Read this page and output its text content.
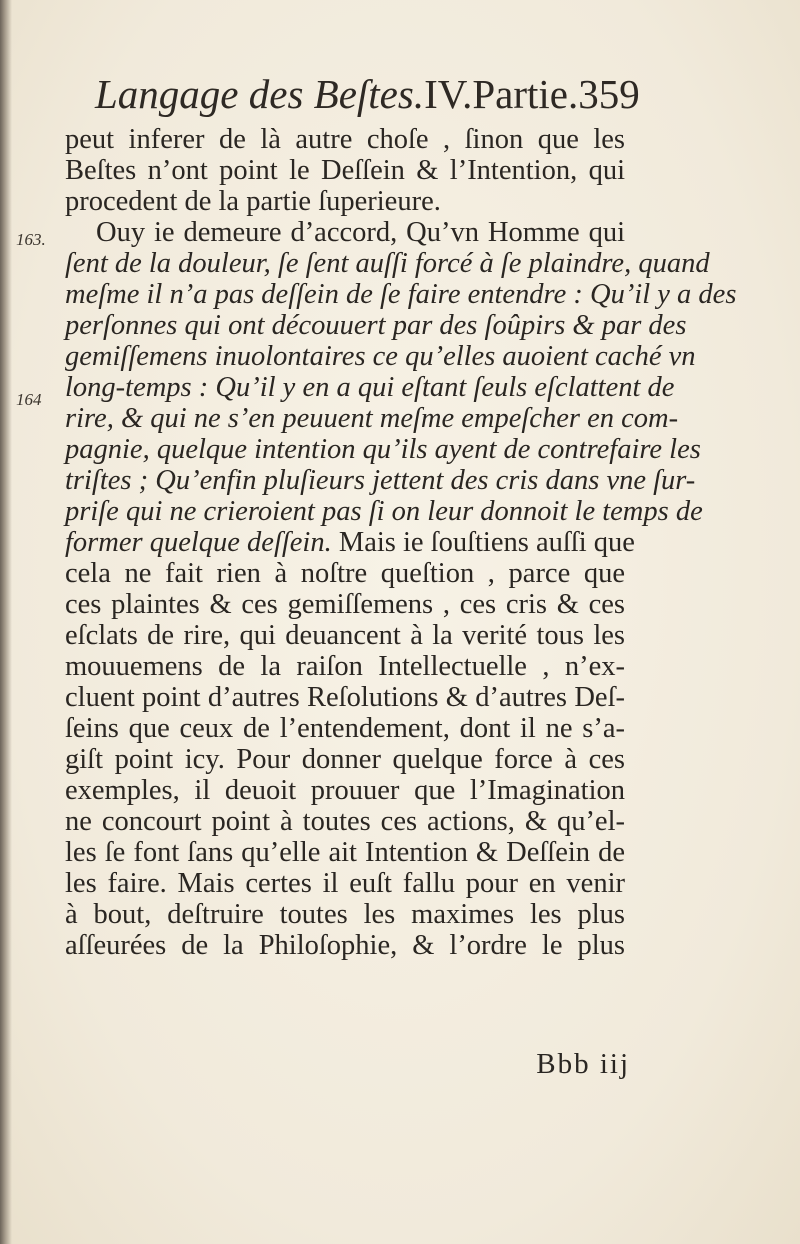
Langage des Beſtes.IV.Partie.359
163.
164
peut inferer de là autre choſe , ſinon que les
Beſtes n’ont point le Deſſein & l’Intention, qui
procedent de la partie ſuperieure.
Ouy ie demeure d’accord, Qu’vn Homme qui
ſent de la douleur, ſe ſent auſſi forcé à ſe plaindre, quand
meſme il n’a pas deſſein de ſe faire entendre : Qu’il y a des
perſonnes qui ont découuert par des ſoûpirs & par des
gemiſſemens inuolontaires ce qu’elles auoient caché vn
long-temps : Qu’il y en a qui eſtant ſeuls eſclattent de
rire, & qui ne s’en peuuent meſme empeſcher en com-
pagnie, quelque intention qu’ils ayent de contrefaire les
triſtes ; Qu’enfin pluſieurs jettent des cris dans vne ſur-
priſe qui ne crieroient pas ſi on leur donnoit le temps de
former quelque deſſein. Mais ie ſouſtiens auſſi que
cela ne fait rien à noſtre queſtion , parce que
ces plaintes & ces gemiſſemens , ces cris & ces
eſclats de rire, qui deuancent à la verité tous les
mouuemens de la raiſon Intellectuelle , n’ex-
cluent point d’autres Reſolutions & d’autres Deſ-
ſeins que ceux de l’entendement, dont il ne s’a-
giſt point icy. Pour donner quelque force à ces
exemples, il deuoit prouuer que l’Imagination
ne concourt point à toutes ces actions, & qu’el-
les ſe font ſans qu’elle ait Intention & Deſſein de
les faire. Mais certes il euſt fallu pour en venir
à bout, deſtruire toutes les maximes les plus
aſſeurées de la Philoſophie, & l’ordre le plus
Bbb iij
